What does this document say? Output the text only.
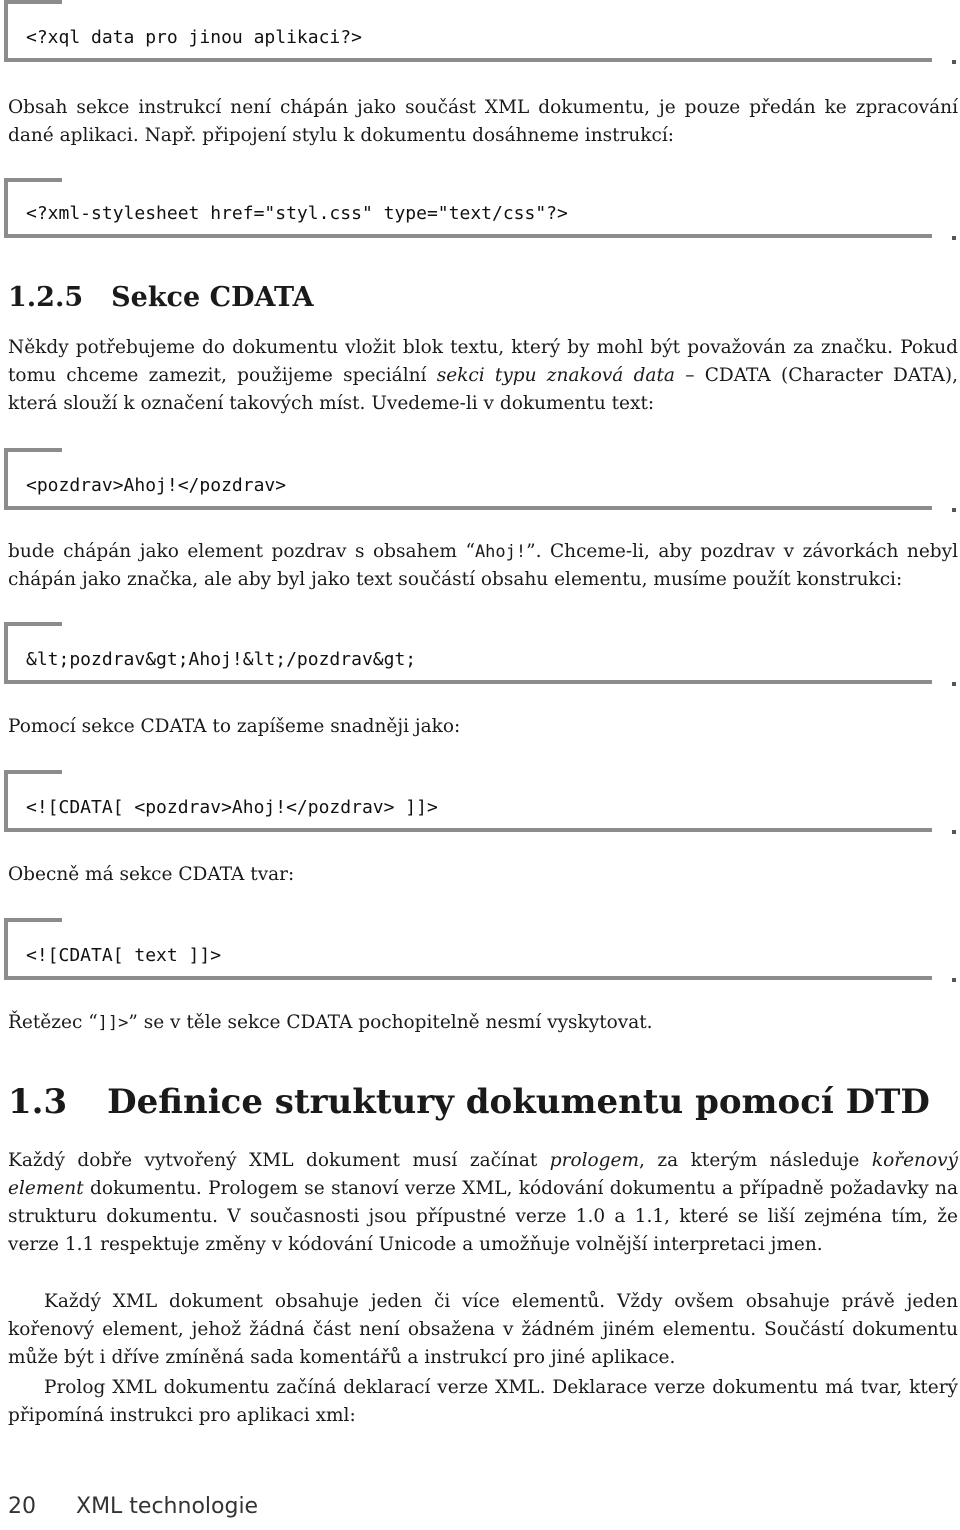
<?xql data pro jinou aplikaci?>

Obsah sekce instrukcí není chápán jako součást XML dokumentu, je pouze předán ke zpracování dané aplikaci. Např. připojení stylu k dokumentu dosáhneme instrukcí:

<?xml-stylesheet href="styl.css" type="text/css"?>
1.2.5 Sekce CDATA

Někdy potřebujeme do dokumentu vložit blok textu, který by mohl být považován za značku. Pokud tomu chceme zamezit, použijeme speciální sekci typu znaková data – CDATA (Character DATA), která slouží k označení takových míst. Uvedeme-li v dokumentu text:

<pozdrav>Ahoj!</pozdrav>

bude chápán jako element pozdrav s obsahem “Ahoj!”. Chceme-li, aby pozdrav v závorkách nebyl chápán jako značka, ale aby byl jako text součástí obsahu elementu, musíme použít konstrukci:

&lt;pozdrav&gt;Ahoj!&lt;/pozdrav&gt;

Pomocí sekce CDATA to zapíšeme snadněji jako:

<![CDATA[ <pozdrav>Ahoj!</pozdrav> ]]>

Obecně má sekce CDATA tvar:

<![CDATA[ text ]]>

Řetězec “]]>” se v těle sekce CDATA pochopitelně nesmí vyskytovat.

1.3 Definice struktury dokumentu pomocí DTD

Každý dobře vytvořený XML dokument musí začínat prologem, za kterým následuje kořenový element dokumentu. Prologem se stanoví verze XML, kódování dokumentu a případně požadavky na strukturu dokumentu. V současnosti jsou přípustné verze 1.0 a 1.1, které se liší zejména tím, že verze 1.1 respektuje změny v kódování Unicode a umožňuje volnější interpretaci jmen.

Každý XML dokument obsahuje jeden či více elementů. Vždy ovšem obsahuje právě jeden kořenový element, jehož žádná část není obsažena v žádném jiném elementu. Součástí dokumentu může být i dříve zmíněná sada komentářů a instrukcí pro jiné aplikace.

Prolog XML dokumentu začíná deklarací verze XML. Deklarace verze dokumentu má tvar, který připomíná instrukci pro aplikaci xml:

20 XML technologie
